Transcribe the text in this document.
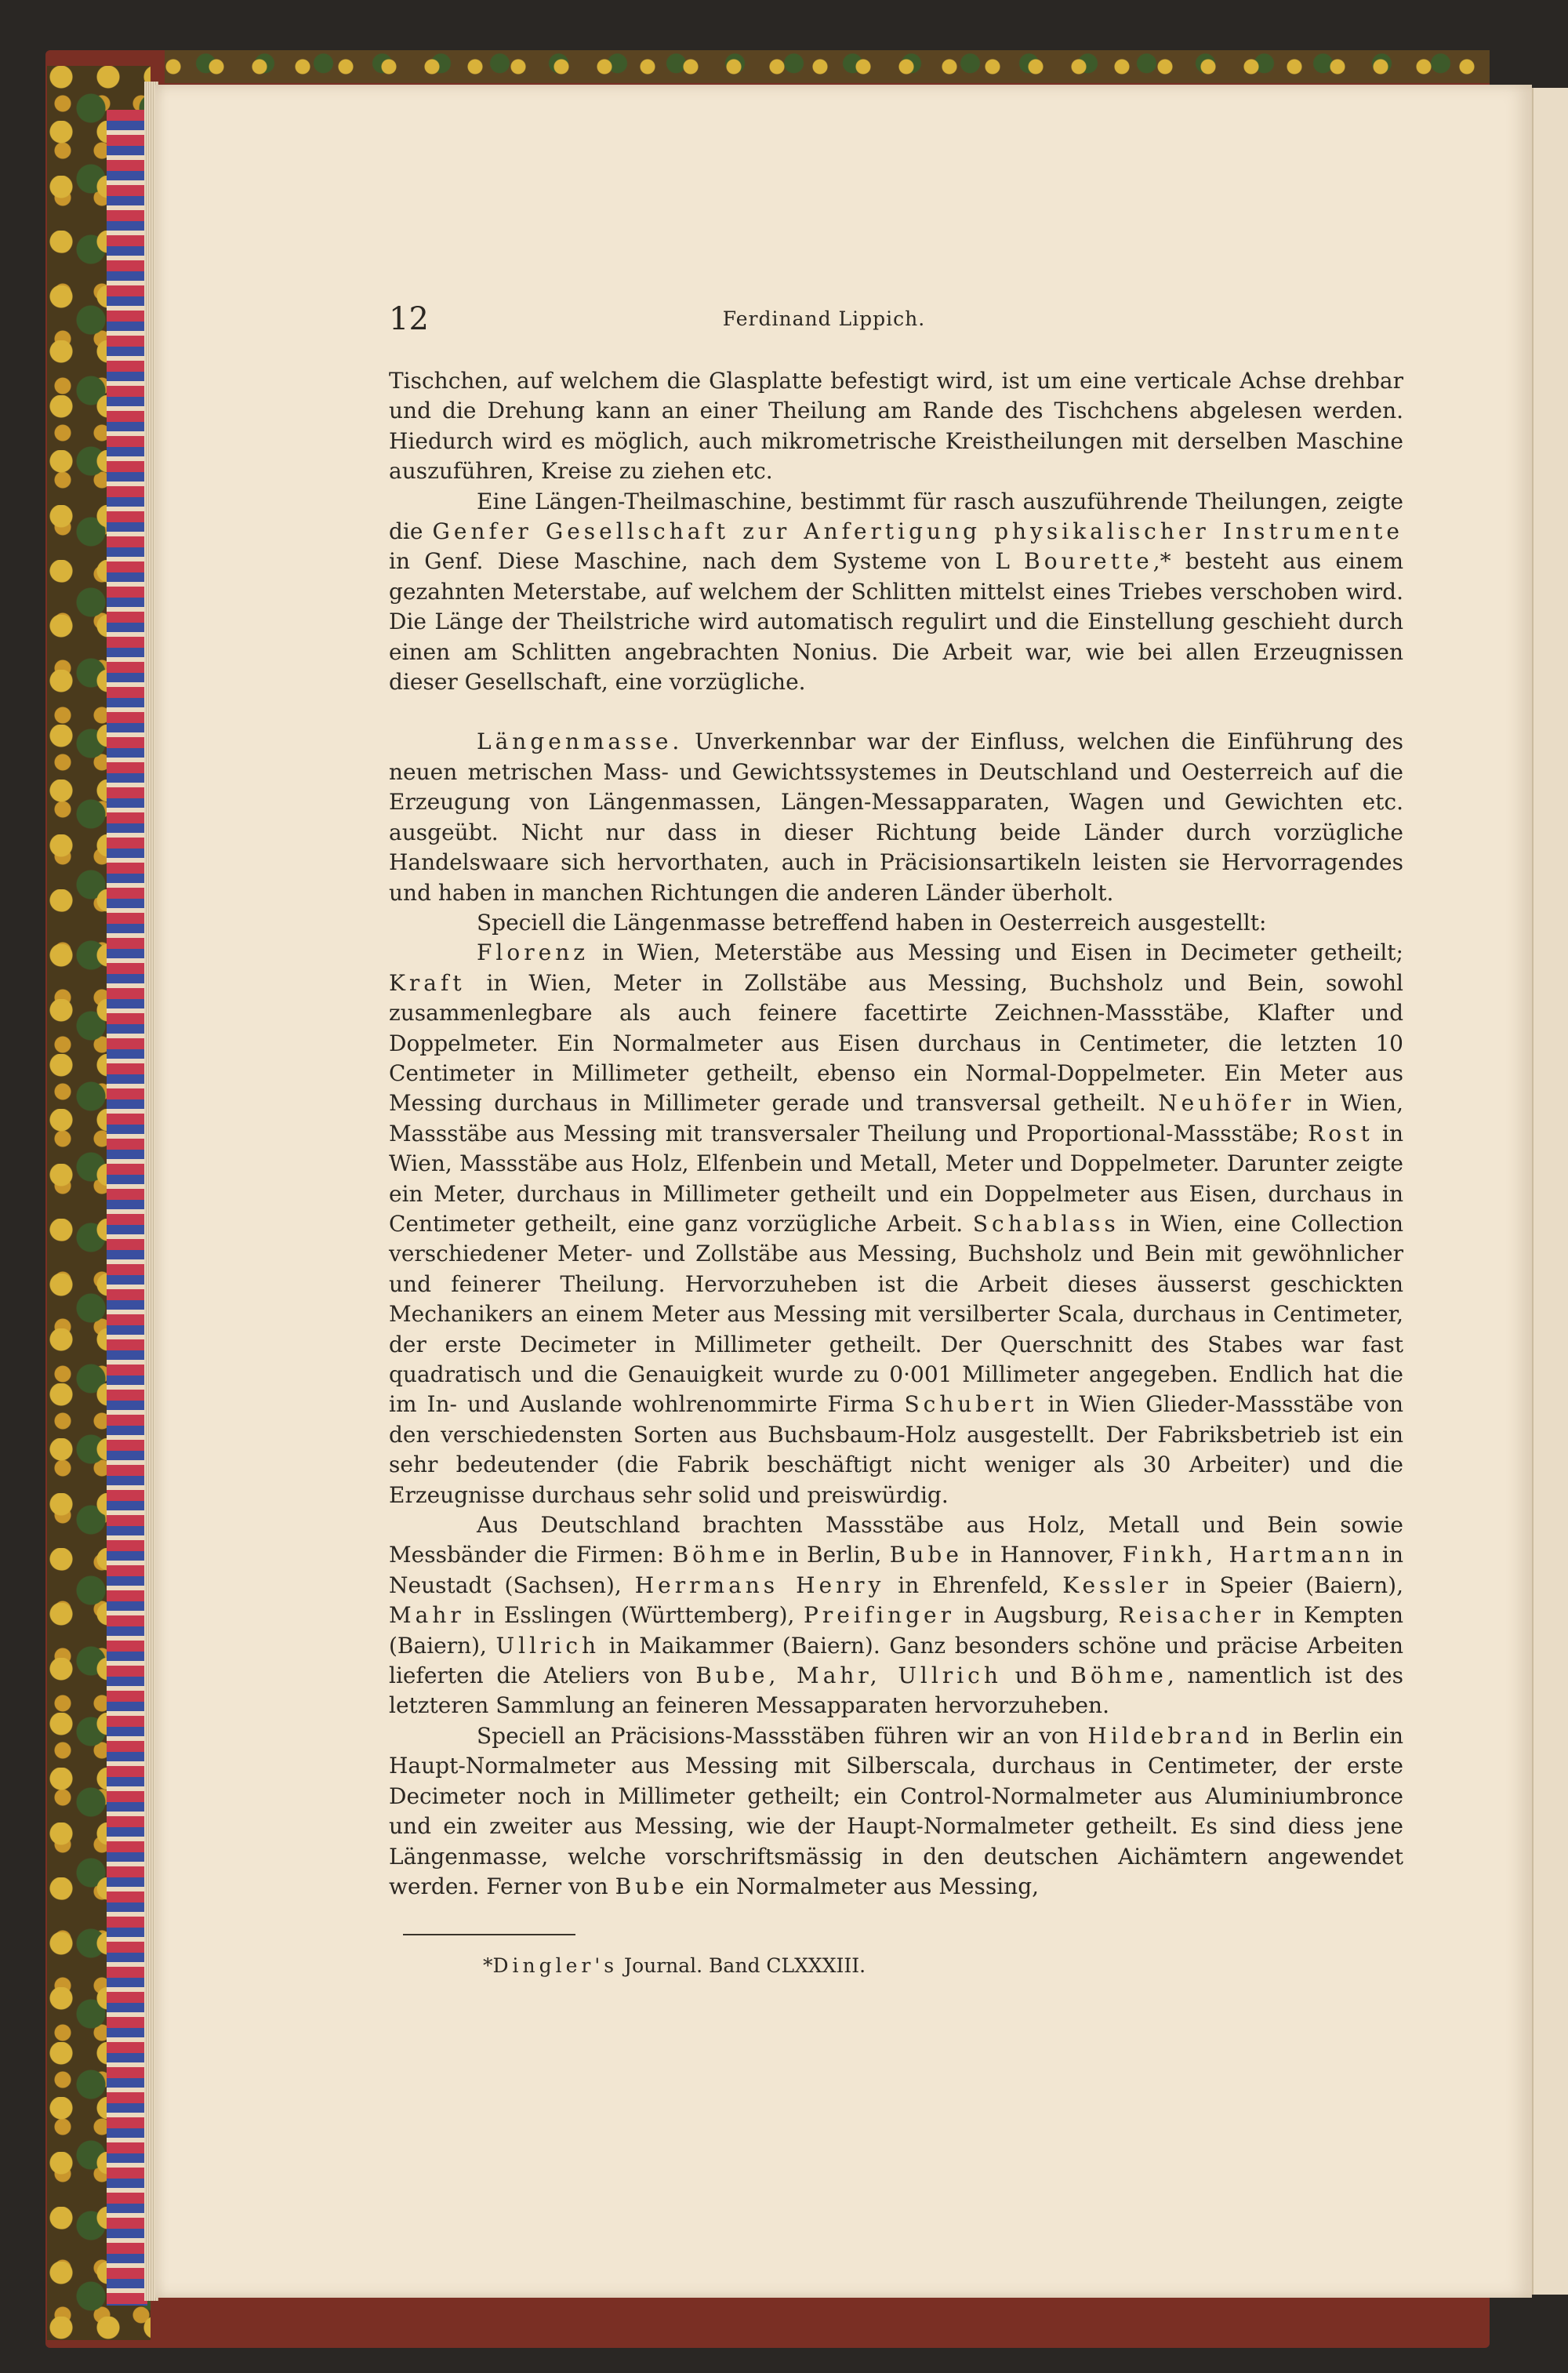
12	Ferdinand Lippich.

Tischchen, auf welchem die Glasplatte befestigt wird, ist um eine verticale Achse drehbar und die Drehung kann an einer Theilung am Rande des Tischchens abgelesen werden. Hiedurch wird es möglich, auch mikrometrische Kreistheilungen mit derselben Maschine auszuführen, Kreise zu ziehen etc.

Eine Längen-Theilmaschine, bestimmt für rasch auszuführende Theilungen, zeigte die Genfer Gesellschaft zur Anfertigung physikalischer Instrumente in Genf. Diese Maschine, nach dem Systeme von L Bourette,* besteht aus einem gezahnten Meterstabe, auf welchem der Schlitten mittelst eines Triebes verschoben wird. Die Länge der Theilstriche wird automatisch regulirt und die Einstellung geschieht durch einen am Schlitten angebrachten Nonius. Die Arbeit war, wie bei allen Erzeugnissen dieser Gesellschaft, eine vorzügliche.

Längenmasse. Unverkennbar war der Einfluss, welchen die Einführung des neuen metrischen Mass- und Gewichtssystemes in Deutschland und Oesterreich auf die Erzeugung von Längenmassen, Längen-Messapparaten, Wagen und Gewichten etc. ausgeübt. Nicht nur dass in dieser Richtung beide Länder durch vorzügliche Handelswaare sich hervorthaten, auch in Präcisionsartikeln leisten sie Hervorragendes und haben in manchen Richtungen die anderen Länder überholt.

Speciell die Längenmasse betreffend haben in Oesterreich ausgestellt:

Florenz in Wien, Meterstäbe aus Messing und Eisen in Decimeter getheilt; Kraft in Wien, Meter in Zollstäbe aus Messing, Buchsholz und Bein, sowohl zusammenlegbare als auch feinere facettirte Zeichnen-Massstäbe, Klafter und Doppelmeter. Ein Normalmeter aus Eisen durchaus in Centimeter, die letzten 10 Centimeter in Millimeter getheilt, ebenso ein Normal-Doppelmeter. Ein Meter aus Messing durchaus in Millimeter gerade und transversal getheilt. Neuhöfer in Wien, Massstäbe aus Messing mit transversaler Theilung und Proportional-Massstäbe; Rost in Wien, Massstäbe aus Holz, Elfenbein und Metall, Meter und Doppelmeter. Darunter zeigte ein Meter, durchaus in Millimeter getheilt und ein Doppelmeter aus Eisen, durchaus in Centimeter getheilt, eine ganz vorzügliche Arbeit. Schablass in Wien, eine Collection verschiedener Meter- und Zollstäbe aus Messing, Buchsholz und Bein mit gewöhnlicher und feinerer Theilung. Hervorzuheben ist die Arbeit dieses äusserst geschickten Mechanikers an einem Meter aus Messing mit versilberter Scala, durchaus in Centimeter, der erste Decimeter in Millimeter getheilt. Der Querschnitt des Stabes war fast quadratisch und die Genauigkeit wurde zu 0·001 Millimeter angegeben. Endlich hat die im In- und Auslande wohlrenommirte Firma Schubert in Wien Glieder-Massstäbe von den verschiedensten Sorten aus Buchsbaum-Holz ausgestellt. Der Fabriksbetrieb ist ein sehr bedeutender (die Fabrik beschäftigt nicht weniger als 30 Arbeiter) und die Erzeugnisse durchaus sehr solid und preiswürdig.

Aus Deutschland brachten Massstäbe aus Holz, Metall und Bein sowie Messbänder die Firmen: Böhme in Berlin, Bube in Hannover, Finkh, Hartmann in Neustadt (Sachsen), Herrmans Henry in Ehrenfeld, Kessler in Speier (Baiern), Mahr in Esslingen (Württemberg), Preifinger in Augsburg, Reisacher in Kempten (Baiern), Ullrich in Maikammer (Baiern). Ganz besonders schöne und präcise Arbeiten lieferten die Ateliers von Bube, Mahr, Ullrich und Böhme, namentlich ist des letzteren Sammlung an feineren Messapparaten hervorzuheben.

Speciell an Präcisions-Massstäben führen wir an von Hildebrand in Berlin ein Haupt-Normalmeter aus Messing mit Silberscala, durchaus in Centimeter, der erste Decimeter noch in Millimeter getheilt; ein Control-Normalmeter aus Aluminiumbronce und ein zweiter aus Messing, wie der Haupt-Normalmeter getheilt. Es sind diess jene Längenmasse, welche vorschriftsmässig in den deutschen Aichämtern angewendet werden. Ferner von Bube ein Normalmeter aus Messing,

*Dingler's Journal. Band CLXXXIII.
